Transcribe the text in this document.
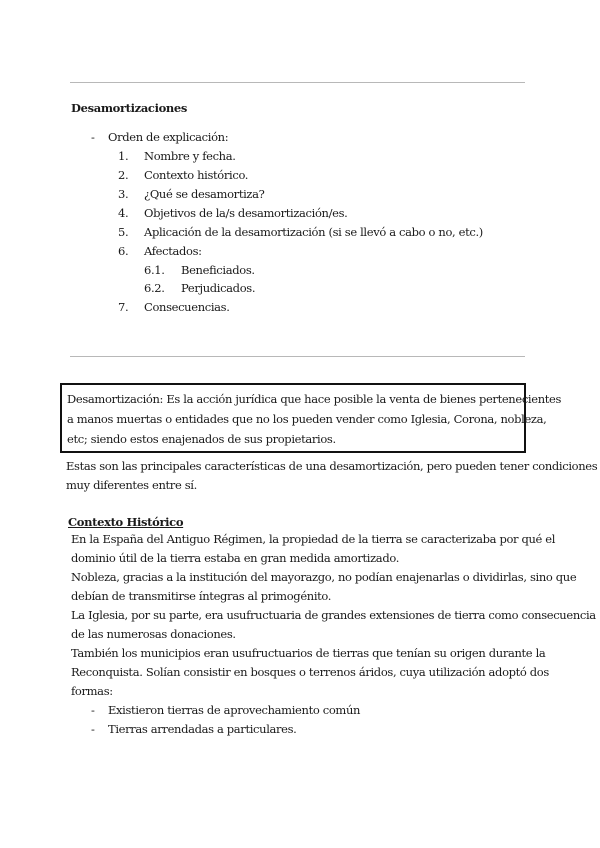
Desamortizaciones
- Orden de explicación:
1. Nombre y fecha.
2. Contexto histórico.
3. ¿Qué se desamortiza?
4. Objetivos de la/s desamortización/es.
5. Aplicación de la desamortización (si se llevó a cabo o no, etc.)
6. Afectados:
6.1. Beneficiados.
6.2. Perjudicados.
7. Consecuencias.
Desamortización: Es la acción jurídica que hace posible la venta de bienes pertenecientes
a manos muertas o entidades que no los pueden vender como Iglesia, Corona, nobleza,
etc; siendo estos enajenados de sus propietarios.
Estas son las principales características de una desamortización, pero pueden tener condiciones
muy diferentes entre sí.
Contexto Histórico
En la España del Antiguo Régimen, la propiedad de la tierra se caracterizaba por qué el
dominio útil de la tierra estaba en gran medida amortizado.
Nobleza, gracias a la institución del mayorazgo, no podían enajenarlas o dividirlas, sino que
debían de transmitirse íntegras al primogénito.
La Iglesia, por su parte, era usufructuaria de grandes extensiones de tierra como consecuencia
de las numerosas donaciones.
También los municipios eran usufructuarios de tierras que tenían su origen durante la
Reconquista. Solían consistir en bosques o terrenos áridos, cuya utilización adoptó dos
formas:
- Existieron tierras de aprovechamiento común
- Tierras arrendadas a particulares.
